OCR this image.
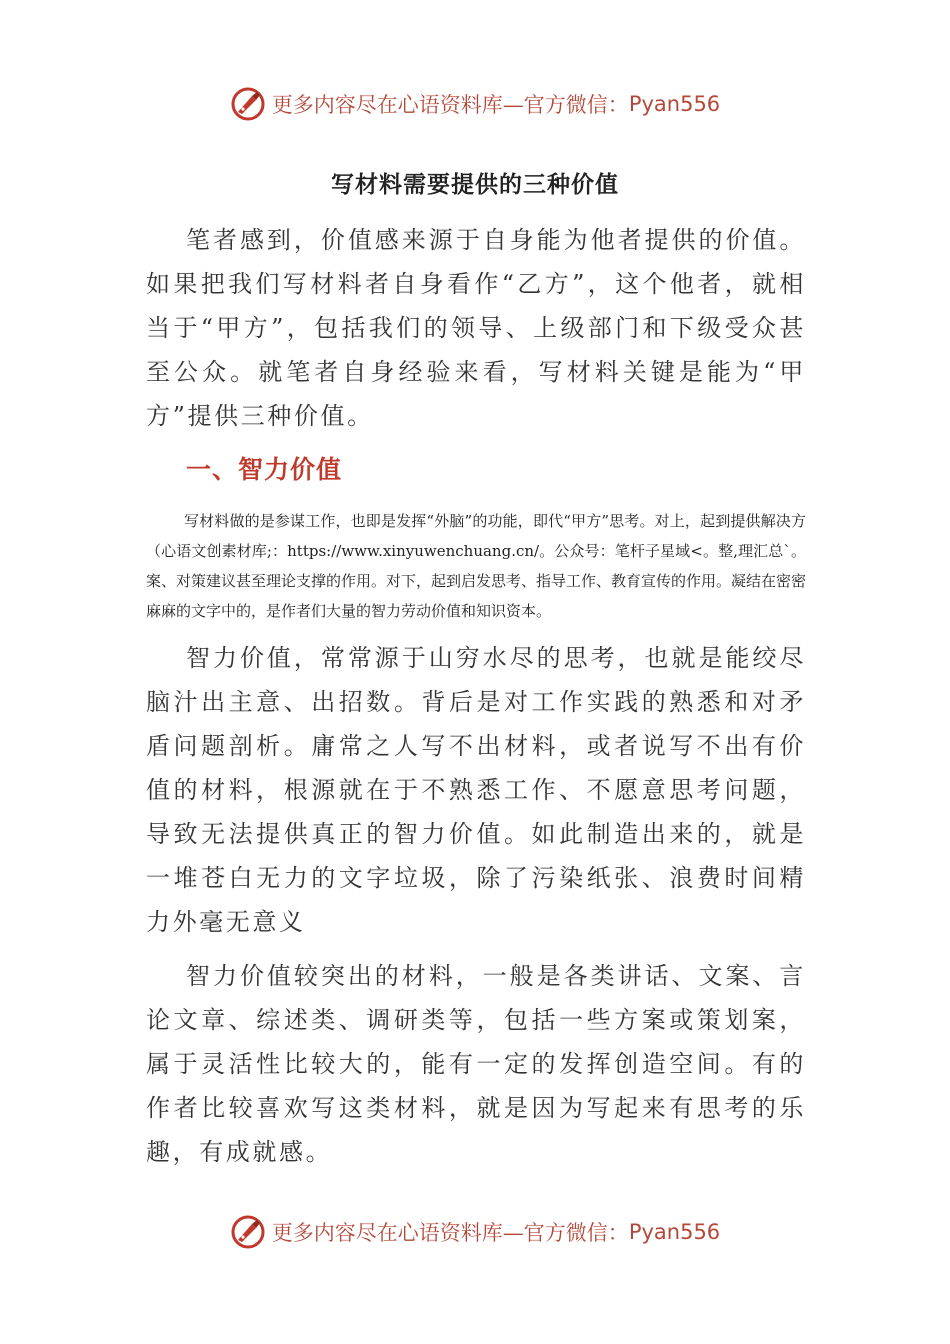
更多内容尽在心语资料库—官方微信： Pyan556
写材料需要提供的三种价值

笔者感到，价值感来源于自身能为他者提供的价值。如果把我们写材料者自身看作“乙方”，这个他者，就相当于“甲方”，包括我们的领导、上级部门和下级受众甚至公众。就笔者自身经验来看，写材料关键是能为“甲方”提供三种价值。

一、智力价值

写材料做的是参谋工作，也即是发挥“外脑”的功能，即代“甲方”思考。对上，起到提供解决方（心语文创素材库;：https://www.xinyuwenchuang.cn/。公众号：笔杆子星域<。整,理汇总`。案、对策建议甚至理论支撑的作用。对下，起到启发思考、指导工作、教育宣传的作用。凝结在密密麻麻的文字中的，是作者们大量的智力劳动价值和知识资本。

智力价值，常常源于山穷水尽的思考，也就是能绞尽脑汁出主意、出招数。背后是对工作实践的熟悉和对矛盾问题剖析。庸常之人写不出材料，或者说写不出有价值的材料，根源就在于不熟悉工作、不愿意思考问题，导致无法提供真正的智力价值。如此制造出来的，就是一堆苍白无力的文字垃圾，除了污染纸张、浪费时间精力外毫无意义

智力价值较突出的材料，一般是各类讲话、文案、言论文章、综述类、调研类等，包括一些方案或策划案，属于灵活性比较大的，能有一定的发挥创造空间。有的作者比较喜欢写这类材料，就是因为写起来有思考的乐趣，有成就感。

更多内容尽在心语资料库—官方微信： Pyan556
